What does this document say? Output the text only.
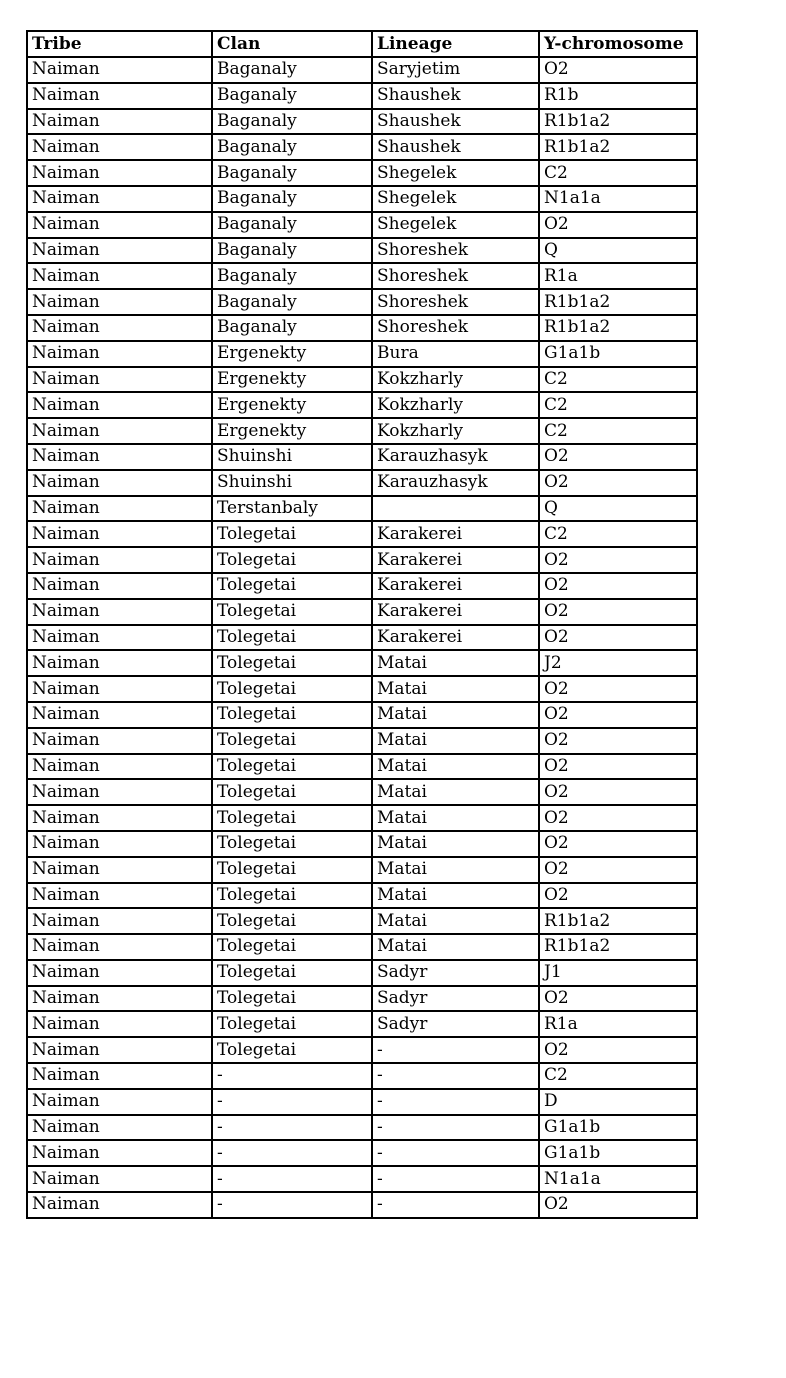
Tribe	Clan	Lineage	Y-chromosome
Naiman	Baganaly	Saryjetim	O2
Naiman	Baganaly	Shaushek	R1b
Naiman	Baganaly	Shaushek	R1b1a2
Naiman	Baganaly	Shaushek	R1b1a2
Naiman	Baganaly	Shegelek	C2
Naiman	Baganaly	Shegelek	N1a1a
Naiman	Baganaly	Shegelek	O2
Naiman	Baganaly	Shoreshek	Q
Naiman	Baganaly	Shoreshek	R1a
Naiman	Baganaly	Shoreshek	R1b1a2
Naiman	Baganaly	Shoreshek	R1b1a2
Naiman	Ergenekty	Bura	G1a1b
Naiman	Ergenekty	Kokzharly	C2
Naiman	Ergenekty	Kokzharly	C2
Naiman	Ergenekty	Kokzharly	C2
Naiman	Shuinshi	Karauzhasyk	O2
Naiman	Shuinshi	Karauzhasyk	O2
Naiman	Terstanbaly		Q
Naiman	Tolegetai	Karakerei	C2
Naiman	Tolegetai	Karakerei	O2
Naiman	Tolegetai	Karakerei	O2
Naiman	Tolegetai	Karakerei	O2
Naiman	Tolegetai	Karakerei	O2
Naiman	Tolegetai	Matai	J2
Naiman	Tolegetai	Matai	O2
Naiman	Tolegetai	Matai	O2
Naiman	Tolegetai	Matai	O2
Naiman	Tolegetai	Matai	O2
Naiman	Tolegetai	Matai	O2
Naiman	Tolegetai	Matai	O2
Naiman	Tolegetai	Matai	O2
Naiman	Tolegetai	Matai	O2
Naiman	Tolegetai	Matai	O2
Naiman	Tolegetai	Matai	R1b1a2
Naiman	Tolegetai	Matai	R1b1a2
Naiman	Tolegetai	Sadyr	J1
Naiman	Tolegetai	Sadyr	O2
Naiman	Tolegetai	Sadyr	R1a
Naiman	Tolegetai	-	O2
Naiman	-	-	C2
Naiman	-	-	D
Naiman	-	-	G1a1b
Naiman	-	-	G1a1b
Naiman	-	-	N1a1a
Naiman	-	-	O2
